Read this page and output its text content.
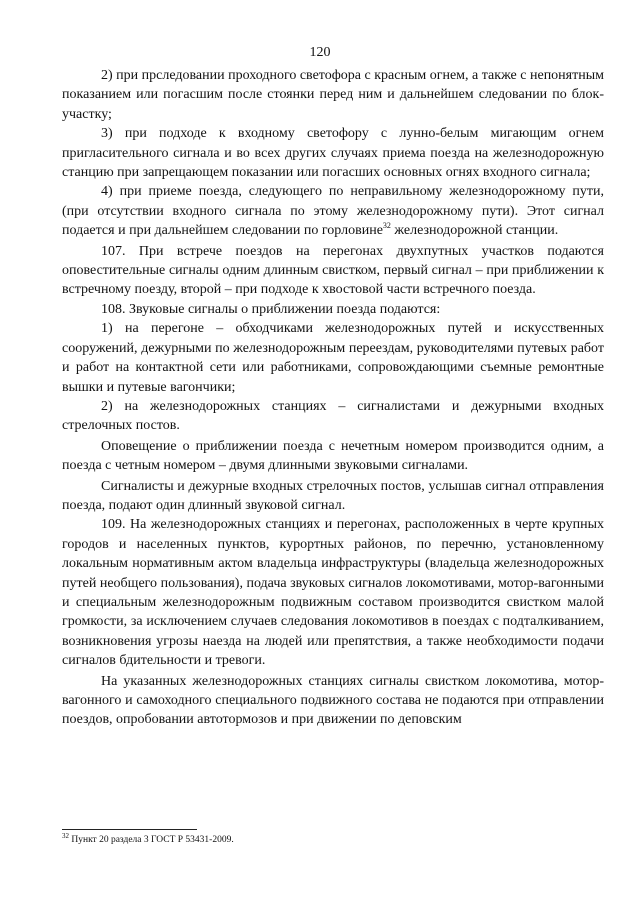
120

2) при прследовании проходного светофора с красным огнем, а также с непонятным показанием или погасшим после стоянки перед ним и дальнейшем следовании по блок-участку;

3) при подходе к входному светофору с лунно-белым мигающим огнем пригласительного сигнала и во всех других случаях приема поезда на железнодорожную станцию при запрещающем показании или погасших основных огнях входного сигнала;

4) при приеме поезда, следующего по неправильному железнодорожному пути, (при отсутствии входного сигнала по этому железнодорожному пути). Этот сигнал подается и при дальнейшем следовании по горловине$^{32}$ железнодорожной станции.

107. При встрече поездов на перегонах двухпутных участков подаются оповестительные сигналы одним длинным свистком, первый сигнал – при приближении к встречному поезду, второй – при подходе к хвостовой части встречного поезда.

108. Звуковые сигналы о приближении поезда подаются:

1) на перегоне – обходчиками железнодорожных путей и искусственных сооружений, дежурными по железнодорожным переездам, руководителями путевых работ и работ на контактной сети или работниками, сопровождающими съемные ремонтные вышки и путевые вагончики;

2) на железнодорожных станциях – сигналистами и дежурными входных стрелочных постов.

Оповещение о приближении поезда с нечетным номером производится одним, а поезда с четным номером – двумя длинными звуковыми сигналами.

Сигналисты и дежурные входных стрелочных постов, услышав сигнал отправления поезда, подают один длинный звуковой сигнал.

109. На железнодорожных станциях и перегонах, расположенных в черте крупных городов и населенных пунктов, курортных районов, по перечню, установленному локальным нормативным актом владельца инфраструктуры (владельца железнодорожных путей необщего пользования), подача звуковых сигналов локомотивами, мотор-вагонными и специальным железнодорожным подвижным составом производится свистком малой громкости, за исключением случаев следования локомотивов в поездах с подталкиванием, возникновения угрозы наезда на людей или препятствия, а также необходимости подачи сигналов бдительности и тревоги.

На указанных железнодорожных станциях сигналы свистком локомотива, мотор-вагонного и самоходного специального подвижного состава не подаются при отправлении поездов, опробовании автотормозов и при движении по деповским

$^{32}$ Пункт 20 раздела 3 ГОСТ Р 53431-2009.
